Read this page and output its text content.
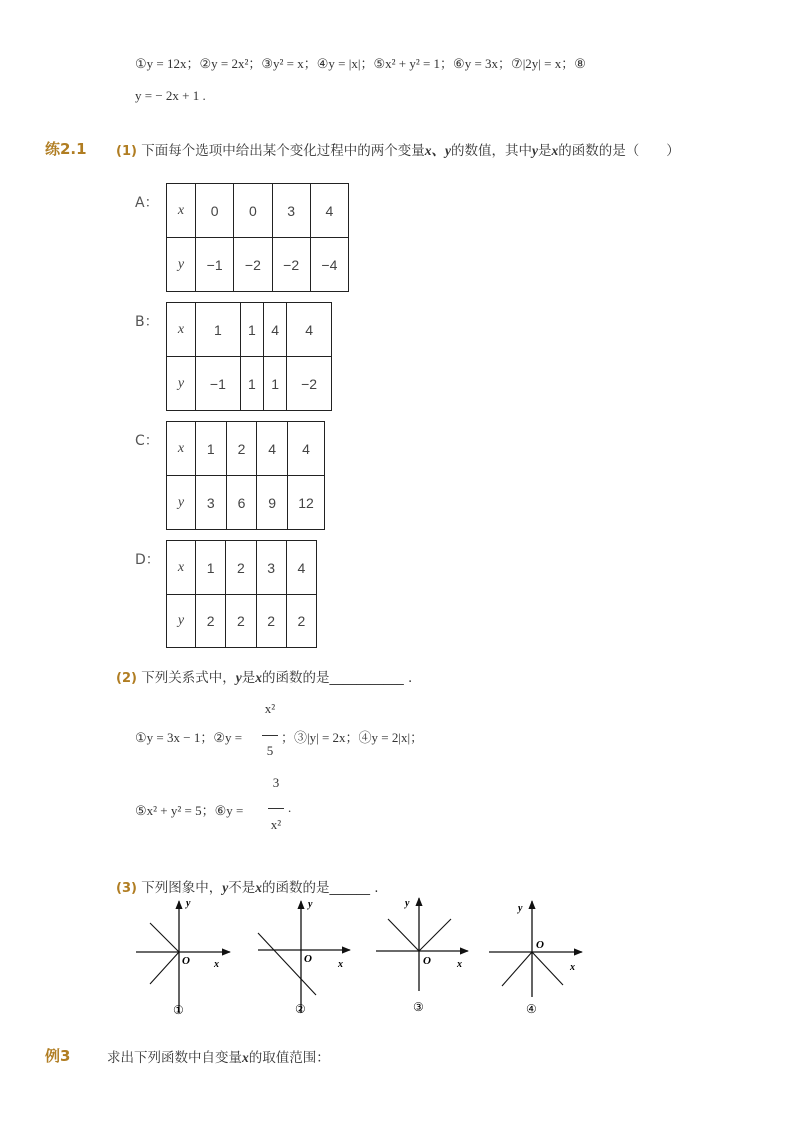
①y = 12x；②y = 2x²；③y² = x；④y = |x|；⑤x² + y² = 1；⑥y = 3x；⑦|2y| = x；⑧
y = − 2x + 1 .
练2.1 (1) 下面每个选项中给出某个变化过程中的两个变量x、y的数值，其中y是x的函数的是（　　）
A： x	0	0	3	4
y	−1	−2	−2	−4
B： x	1	1	4	4
y	−1	1	1	−2
C： x	1	2	4	4
y	3	6	9	12
D： x	1	2	3	4
y	2	2	2	2
(2) 下列关系式中，y是x的函数的是___________ .
①y = 3x − 1；②y =
x²
5
；③|y| = 2x；④y = 2|x|；
⑤x² + y² = 5；⑥y =
3
x²
.
(3) 下列图象中，y不是x的函数的是______ .
y
x
O
①
y
x
O
②
y
x
O
③
y
x
O
④
例3	求出下列函数中自变量x的取值范围：
